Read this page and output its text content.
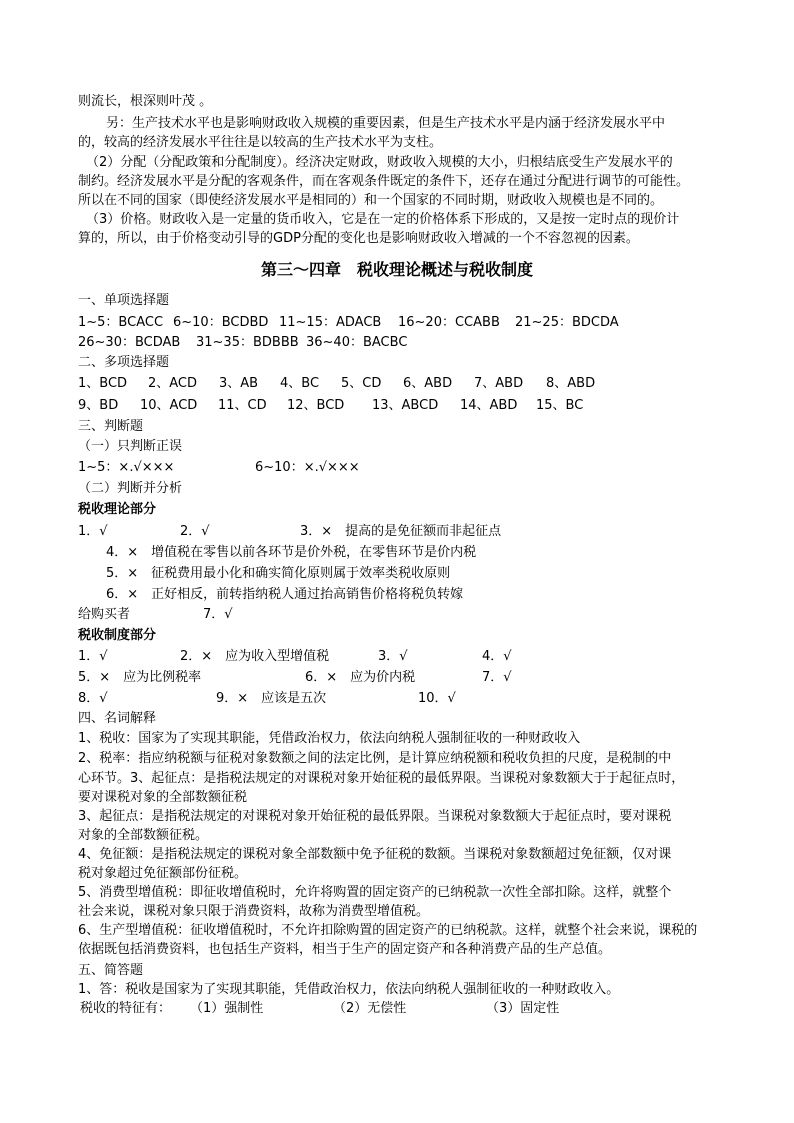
则流长，根深则叶茂 。
另：生产技术水平也是影响财政收入规模的重要因素，但是生产技术水平是内涵于经济发展水平中
的，较高的经济发展水平往往是以较高的生产技术水平为支柱。
（2）分配（分配政策和分配制度）。经济决定财政，财政收入规模的大小，归根结底受生产发展水平的
制约。经济发展水平是分配的客观条件，而在客观条件既定的条件下，还存在通过分配进行调节的可能性。
所以在不同的国家（即使经济发展水平是相同的）和一个国家的不同时期，财政收入规模也是不同的。
（3）价格。财政收入是一定量的货币收入，它是在一定的价格体系下形成的，又是按一定时点的现价计
算的，所以，由于价格变动引导的GDP分配的变化也是影响财政收入增减的一个不容忽视的因素。
第三～四章　税收理论概述与税收制度
一、单项选择题
1~5：BCACC 6~10：BCDBD 11~15：ADACB 16~20：CCABB 21~25：BDCDA
26~30：BCDAB 31~35：BDBBB 36~40：BACBC
二、多项选择题
1、BCD 2、ACD 3、AB 4、BC 5、CD 6、ABD 7、ABD 8、ABD
9、BD 10、ACD 11、CD 12、BCD 13、ABCD 14、ABD 15、BC
三、判断题
（一）只判断正误
1~5：×.√×××	6~10：×.√×××
（二）判断并分析
税收理论部分
1．√	2．√	3．×　提高的是免征额而非起征点
4．×　增值税在零售以前各环节是价外税，在零售环节是价内税
5．×　征税费用最小化和确实简化原则属于效率类税收原则
6．×　正好相反，前转指纳税人通过抬高销售价格将税负转嫁
给购买者	7．√
税收制度部分
1．√	2．×　应为收入型增值税	3．√	4．√
5．×　应为比例税率	6．×　应为价内税	7．√
8．√	9．×　应该是五次	10．√
四、名词解释
1、税收：国家为了实现其职能，凭借政治权力，依法向纳税人强制征收的一种财政收入
2、税率：指应纳税额与征税对象数额之间的法定比例，是计算应纳税额和税收负担的尺度，是税制的中
心环节。3、起征点：是指税法规定的对课税对象开始征税的最低界限。当课税对象数额大于于起征点时，
要对课税对象的全部数额征税
3、起征点：是指税法规定的对课税对象开始征税的最低界限。当课税对象数额大于起征点时，要对课税
对象的全部数额征税。
4、免征额：是指税法规定的课税对象全部数额中免予征税的数额。当课税对象数额超过免征额，仅对课
税对象超过免征额部份征税。
5、消费型增值税：即征收增值税时，允许将购置的固定资产的已纳税款一次性全部扣除。这样，就整个
社会来说，课税对象只限于消费资料，故称为消费型增值税。
6、生产型增值税：征收增值税时，不允许扣除购置的固定资产的已纳税款。这样，就整个社会来说，课税的
依据既包括消费资料，也包括生产资料，相当于生产的固定资产和各种消费产品的生产总值。
五、简答题
1、答：税收是国家为了实现其职能，凭借政治权力，依法向纳税人强制征收的一种财政收入。
税收的特征有： （1）强制性	（2）无偿性	（3）固定性
